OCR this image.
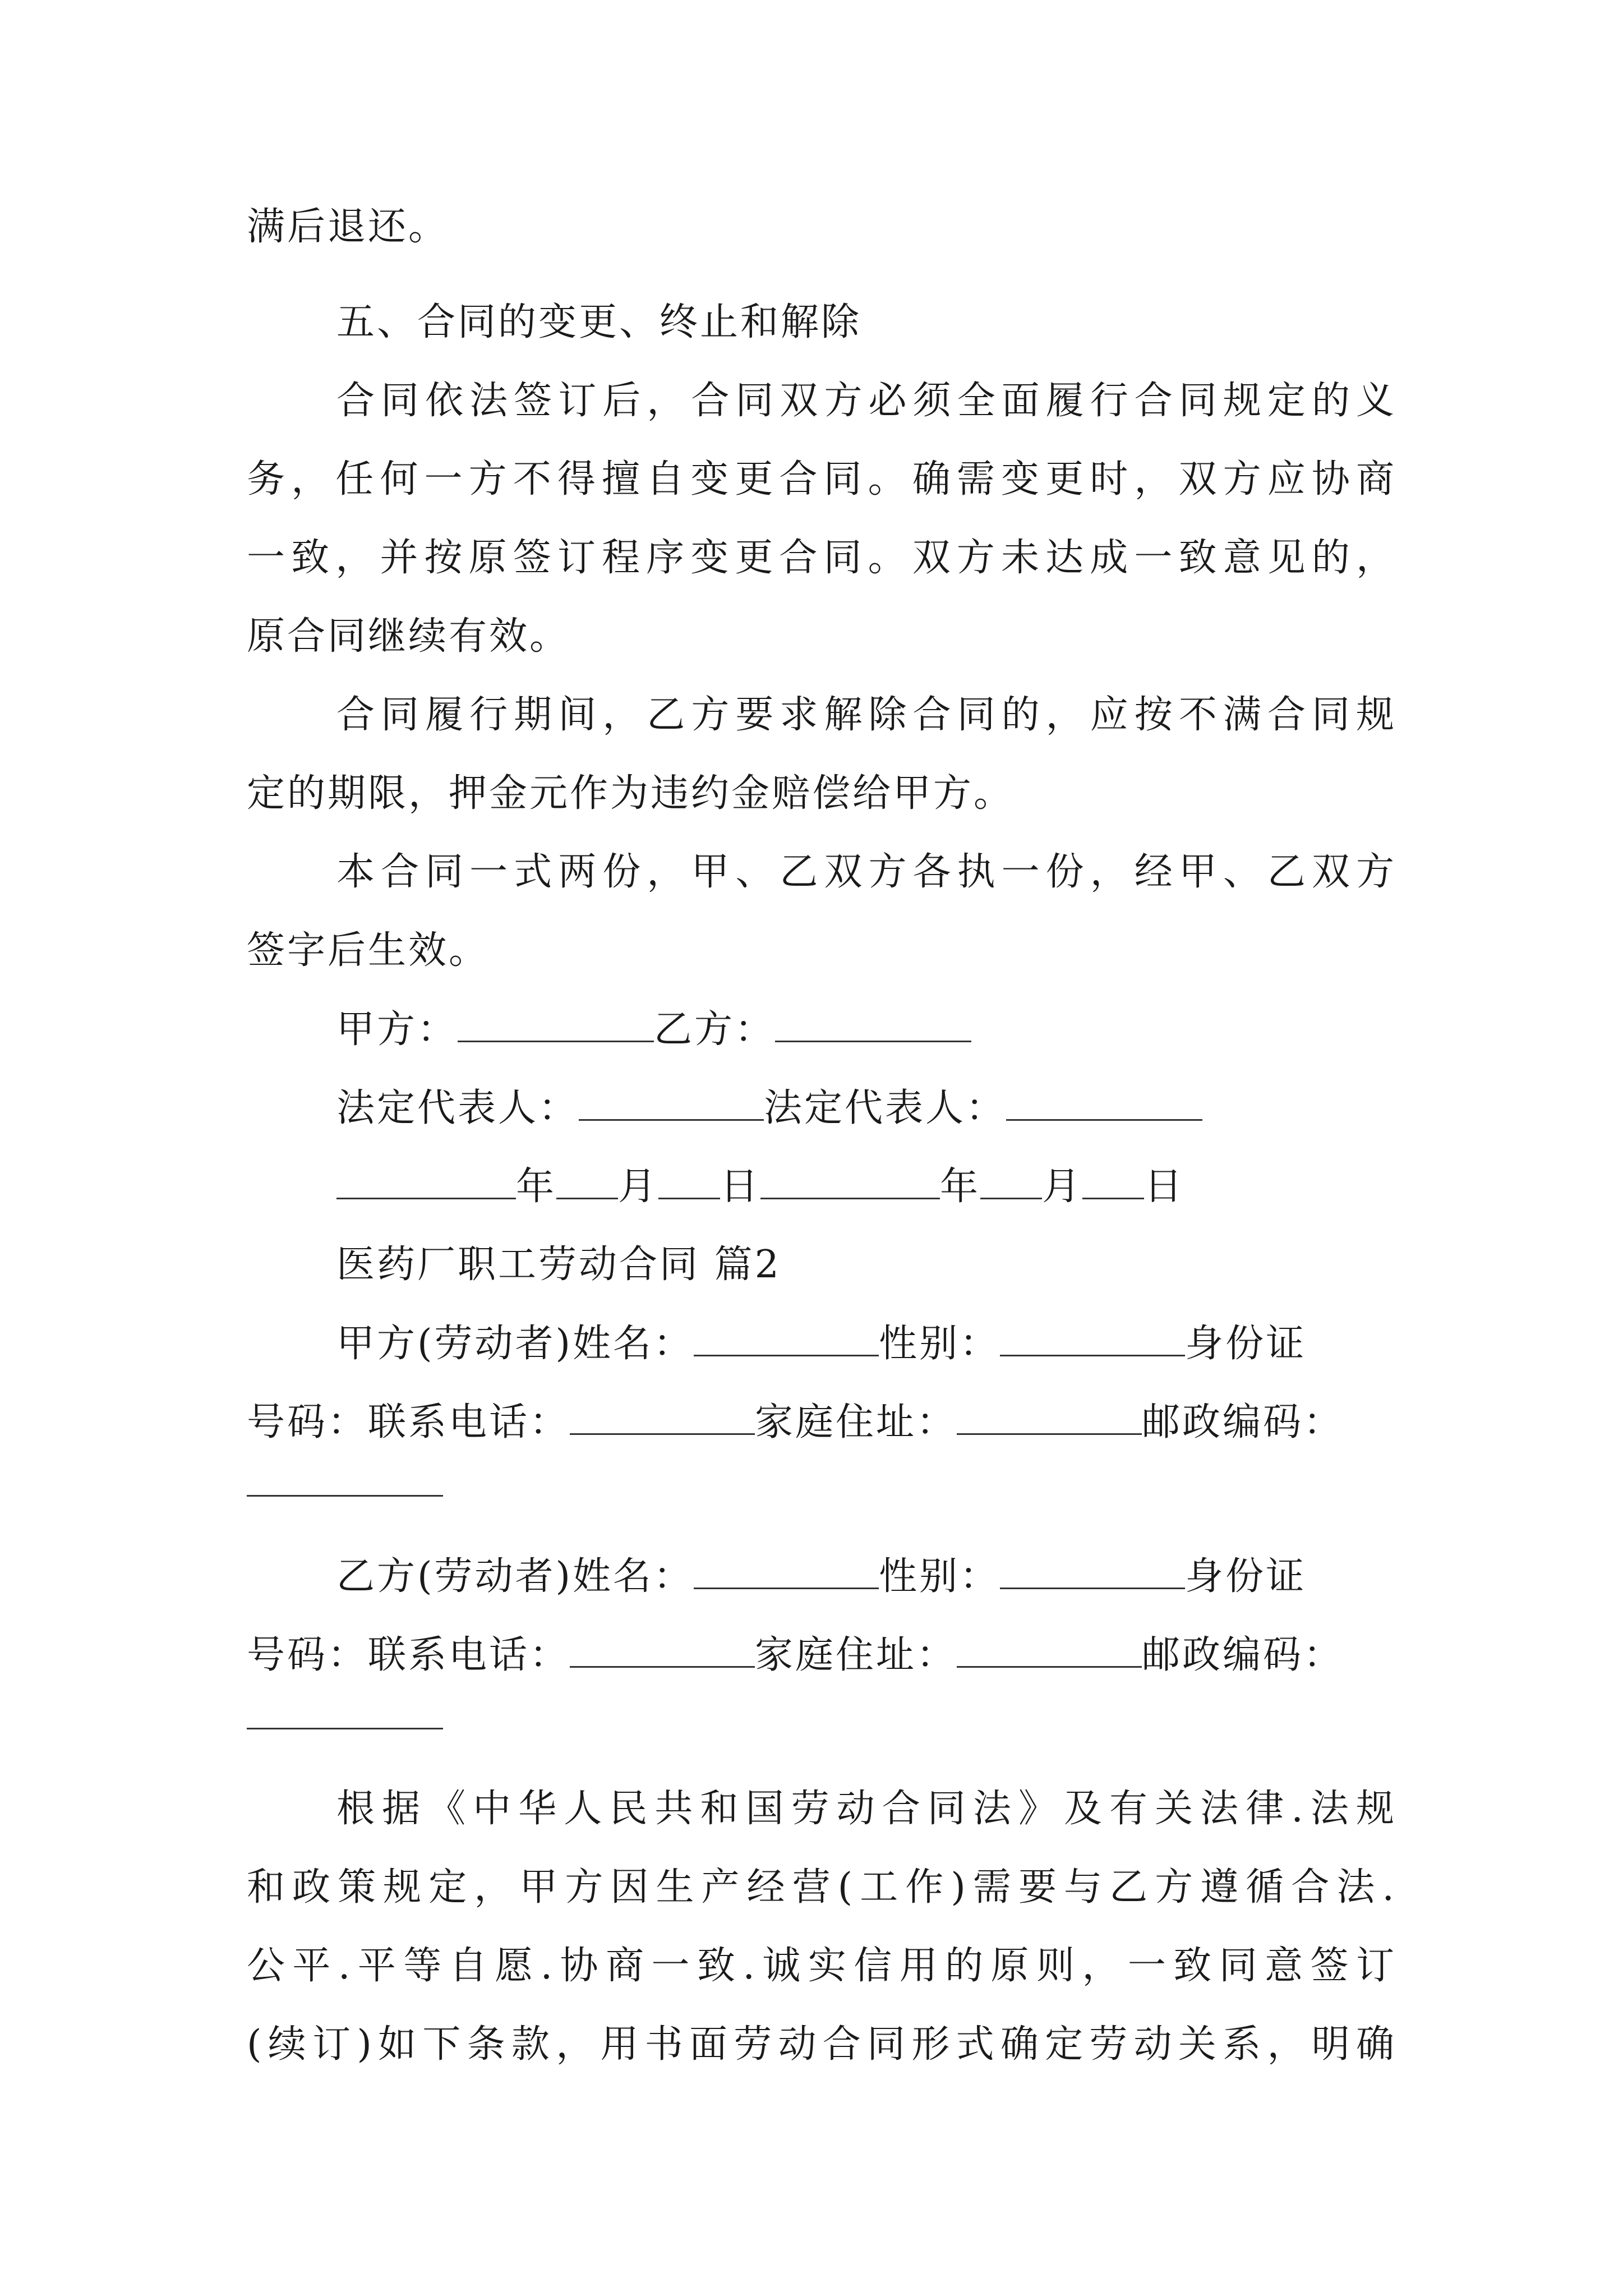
满后退还。
五、合同的变更、终止和解除
合同依法签订后，合同双方必须全面履行合同规定的义
务，任何一方不得擅自变更合同。确需变更时，双方应协商
一致，并按原签订程序变更合同。双方未达成一致意见的，
原合同继续有效。
合同履行期间，乙方要求解除合同的，应按不满合同规
定的期限，押金元作为违约金赔偿给甲方。
本合同一式两份，甲、乙双方各执一份，经甲、乙双方
签字后生效。
甲方：	乙方：
法定代表人：	法定代表人：
年 月 日	年 月 日
医药厂职工劳动合同 篇2
甲方(劳动者)姓名：	性别：	身份证
号码：联系电话：	家庭住址：	邮政编码：
乙方(劳动者)姓名：	性别：	身份证
号码：联系电话：	家庭住址：	邮政编码：
根据《中华人民共和国劳动合同法》及有关法律.法规
和政策规定，甲方因生产经营(工作)需要与乙方遵循合法.
公平.平等自愿.协商一致.诚实信用的原则，一致同意签订
(续订)如下条款，用书面劳动合同形式确定劳动关系，明确
